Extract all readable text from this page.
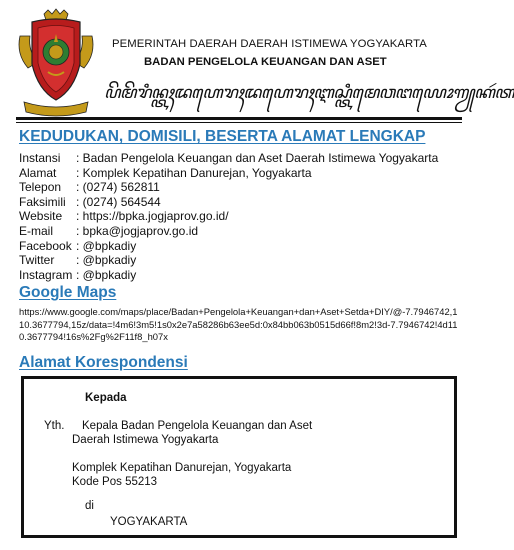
PEMERINTAH DAERAH DAERAH ISTIMEWA YOGYAKARTA
BADAN PENGELOLA KEUANGAN DAN ASET
ꦥꦼꦩꦼꦫꦶꦤ꧀ꦠꦃꦢꦲꦺꦫꦃꦢꦲꦺꦫꦃꦆꦱ꧀ꦠꦶꦩꦺꦮꦔꦪꦺꦴꦒꦾꦏꦂꦠ
KEDUDUKAN, DOMISILI, BESERTA ALAMAT LENGKAP
Instansi : Badan Pengelola Keuangan dan Aset Daerah Istimewa Yogyakarta
Alamat : Komplek Kepatihan Danurejan, Yogyakarta
Telepon : (0274) 562811
Faksimili : (0274) 564544
Website : https://bpka.jogjaprov.go.id/
E-mail : bpka@jogjaprov.go.id
Facebook : @bpkadiy
Twitter : @bpkadiy
Instagram : @bpkadiy
Google Maps
https://www.google.com/maps/place/Badan+Pengelola+Keuangan+dan+Aset+Setda+DIY/@-7.7946742,110.3677794,15z/data=!4m6!3m5!1s0x2e7a58286b63ee5d:0x84bb063b0515d66f!8m2!3d-7.7946742!4d110.3677794!16s%2Fg%2F11f8_h07x
Alamat Korespondensi
Kepada
Yth. Kepala Badan Pengelola Keuangan dan Aset
Daerah Istimewa Yogyakarta
Komplek Kepatihan Danurejan, Yogyakarta
Kode Pos 55213
di
YOGYAKARTA
